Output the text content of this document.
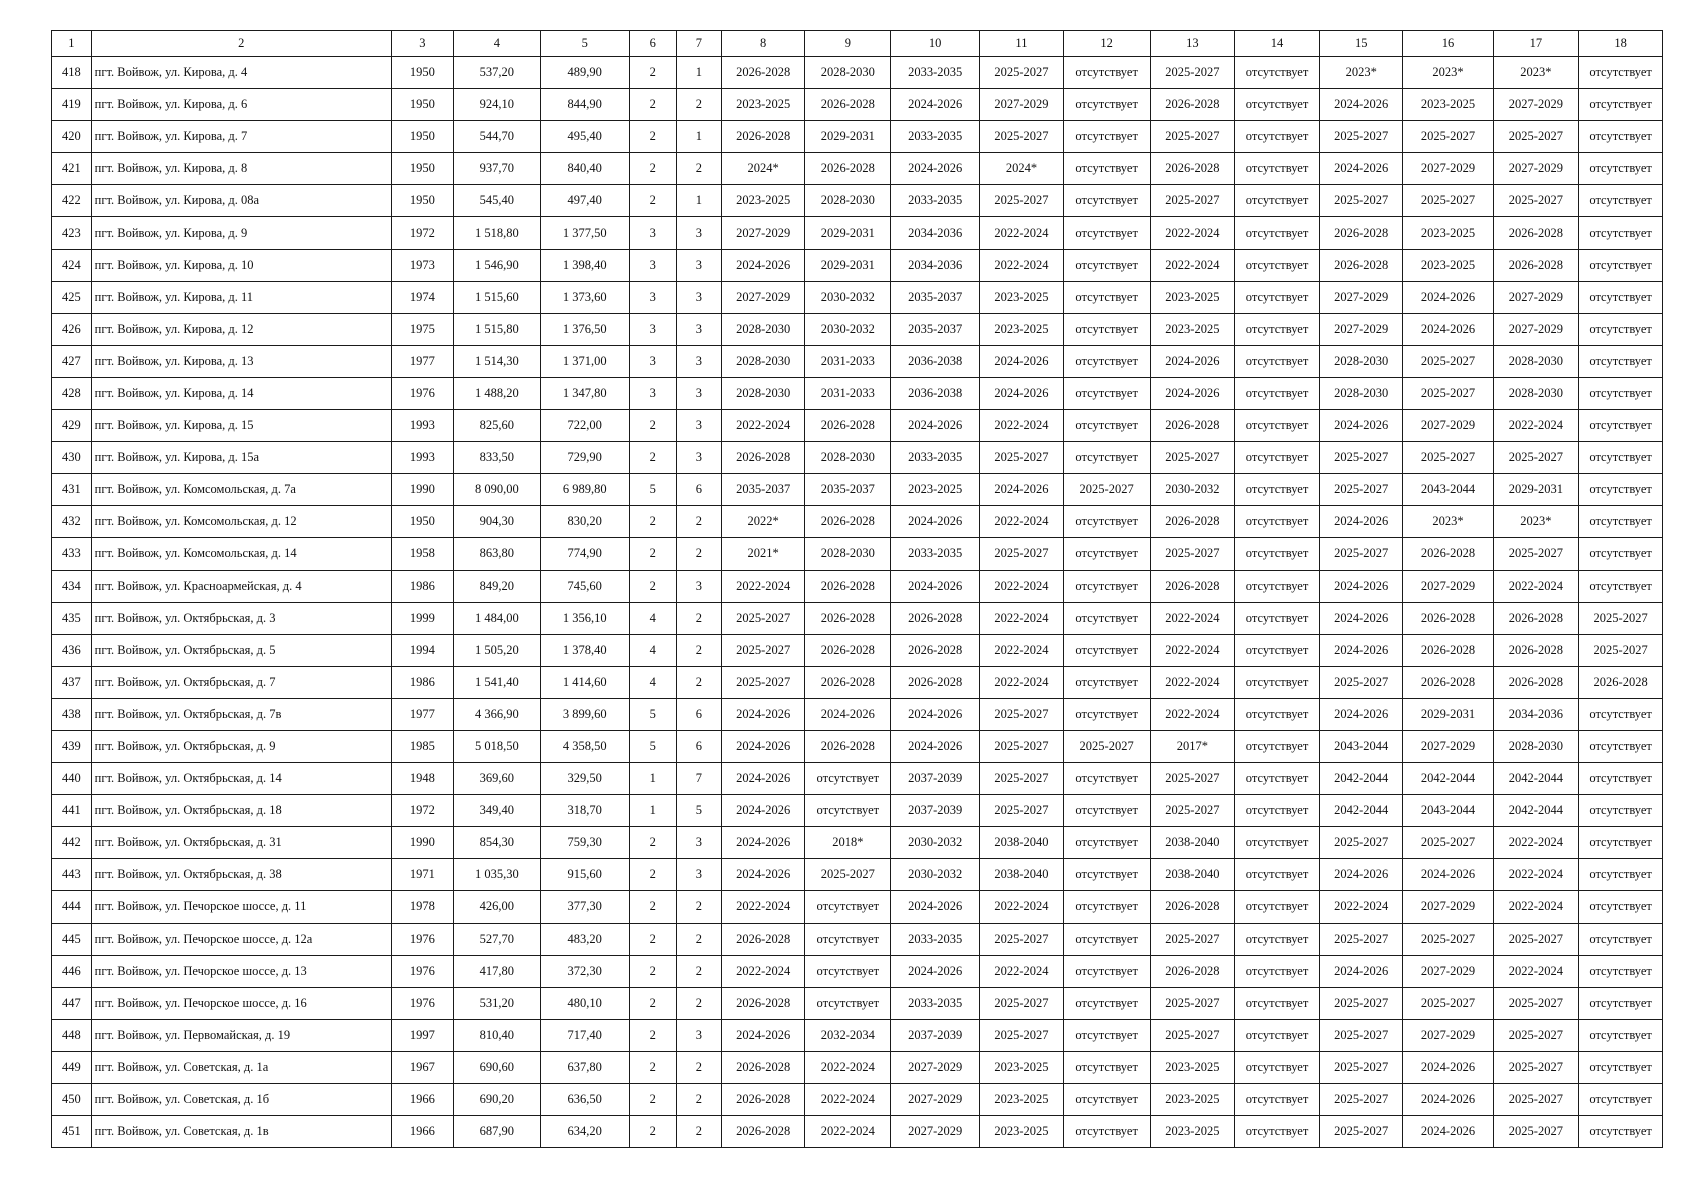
1	2	3	4	5	6	7	8	9	10	11	12	13	14	15	16	17	18
418	пгт. Войвож, ул. Кирова, д. 4	1950	537,20	489,90	2	1	2026-2028	2028-2030	2033-2035	2025-2027	отсутствует	2025-2027	отсутствует	2023*	2023*	2023*	отсутствует
419	пгт. Войвож, ул. Кирова, д. 6	1950	924,10	844,90	2	2	2023-2025	2026-2028	2024-2026	2027-2029	отсутствует	2026-2028	отсутствует	2024-2026	2023-2025	2027-2029	отсутствует
420	пгт. Войвож, ул. Кирова, д. 7	1950	544,70	495,40	2	1	2026-2028	2029-2031	2033-2035	2025-2027	отсутствует	2025-2027	отсутствует	2025-2027	2025-2027	2025-2027	отсутствует
421	пгт. Войвож, ул. Кирова, д. 8	1950	937,70	840,40	2	2	2024*	2026-2028	2024-2026	2024*	отсутствует	2026-2028	отсутствует	2024-2026	2027-2029	2027-2029	отсутствует
422	пгт. Войвож, ул. Кирова, д. 08а	1950	545,40	497,40	2	1	2023-2025	2028-2030	2033-2035	2025-2027	отсутствует	2025-2027	отсутствует	2025-2027	2025-2027	2025-2027	отсутствует
423	пгт. Войвож, ул. Кирова, д. 9	1972	1 518,80	1 377,50	3	3	2027-2029	2029-2031	2034-2036	2022-2024	отсутствует	2022-2024	отсутствует	2026-2028	2023-2025	2026-2028	отсутствует
424	пгт. Войвож, ул. Кирова, д. 10	1973	1 546,90	1 398,40	3	3	2024-2026	2029-2031	2034-2036	2022-2024	отсутствует	2022-2024	отсутствует	2026-2028	2023-2025	2026-2028	отсутствует
425	пгт. Войвож, ул. Кирова, д. 11	1974	1 515,60	1 373,60	3	3	2027-2029	2030-2032	2035-2037	2023-2025	отсутствует	2023-2025	отсутствует	2027-2029	2024-2026	2027-2029	отсутствует
426	пгт. Войвож, ул. Кирова, д. 12	1975	1 515,80	1 376,50	3	3	2028-2030	2030-2032	2035-2037	2023-2025	отсутствует	2023-2025	отсутствует	2027-2029	2024-2026	2027-2029	отсутствует
427	пгт. Войвож, ул. Кирова, д. 13	1977	1 514,30	1 371,00	3	3	2028-2030	2031-2033	2036-2038	2024-2026	отсутствует	2024-2026	отсутствует	2028-2030	2025-2027	2028-2030	отсутствует
428	пгт. Войвож, ул. Кирова, д. 14	1976	1 488,20	1 347,80	3	3	2028-2030	2031-2033	2036-2038	2024-2026	отсутствует	2024-2026	отсутствует	2028-2030	2025-2027	2028-2030	отсутствует
429	пгт. Войвож, ул. Кирова, д. 15	1993	825,60	722,00	2	3	2022-2024	2026-2028	2024-2026	2022-2024	отсутствует	2026-2028	отсутствует	2024-2026	2027-2029	2022-2024	отсутствует
430	пгт. Войвож, ул. Кирова, д. 15а	1993	833,50	729,90	2	3	2026-2028	2028-2030	2033-2035	2025-2027	отсутствует	2025-2027	отсутствует	2025-2027	2025-2027	2025-2027	отсутствует
431	пгт. Войвож, ул. Комсомольская, д. 7а	1990	8 090,00	6 989,80	5	6	2035-2037	2035-2037	2023-2025	2024-2026	2025-2027	2030-2032	отсутствует	2025-2027	2043-2044	2029-2031	отсутствует
432	пгт. Войвож, ул. Комсомольская, д. 12	1950	904,30	830,20	2	2	2022*	2026-2028	2024-2026	2022-2024	отсутствует	2026-2028	отсутствует	2024-2026	2023*	2023*	отсутствует
433	пгт. Войвож, ул. Комсомольская, д. 14	1958	863,80	774,90	2	2	2021*	2028-2030	2033-2035	2025-2027	отсутствует	2025-2027	отсутствует	2025-2027	2026-2028	2025-2027	отсутствует
434	пгт. Войвож, ул. Красноармейская, д. 4	1986	849,20	745,60	2	3	2022-2024	2026-2028	2024-2026	2022-2024	отсутствует	2026-2028	отсутствует	2024-2026	2027-2029	2022-2024	отсутствует
435	пгт. Войвож, ул. Октябрьская, д. 3	1999	1 484,00	1 356,10	4	2	2025-2027	2026-2028	2026-2028	2022-2024	отсутствует	2022-2024	отсутствует	2024-2026	2026-2028	2026-2028	2025-2027
436	пгт. Войвож, ул. Октябрьская, д. 5	1994	1 505,20	1 378,40	4	2	2025-2027	2026-2028	2026-2028	2022-2024	отсутствует	2022-2024	отсутствует	2024-2026	2026-2028	2026-2028	2025-2027
437	пгт. Войвож, ул. Октябрьская, д. 7	1986	1 541,40	1 414,60	4	2	2025-2027	2026-2028	2026-2028	2022-2024	отсутствует	2022-2024	отсутствует	2025-2027	2026-2028	2026-2028	2026-2028
438	пгт. Войвож, ул. Октябрьская, д. 7в	1977	4 366,90	3 899,60	5	6	2024-2026	2024-2026	2024-2026	2025-2027	отсутствует	2022-2024	отсутствует	2024-2026	2029-2031	2034-2036	отсутствует
439	пгт. Войвож, ул. Октябрьская, д. 9	1985	5 018,50	4 358,50	5	6	2024-2026	2026-2028	2024-2026	2025-2027	2025-2027	2017*	отсутствует	2043-2044	2027-2029	2028-2030	отсутствует
440	пгт. Войвож, ул. Октябрьская, д. 14	1948	369,60	329,50	1	7	2024-2026	отсутствует	2037-2039	2025-2027	отсутствует	2025-2027	отсутствует	2042-2044	2042-2044	2042-2044	отсутствует
441	пгт. Войвож, ул. Октябрьская, д. 18	1972	349,40	318,70	1	5	2024-2026	отсутствует	2037-2039	2025-2027	отсутствует	2025-2027	отсутствует	2042-2044	2043-2044	2042-2044	отсутствует
442	пгт. Войвож, ул. Октябрьская, д. 31	1990	854,30	759,30	2	3	2024-2026	2018*	2030-2032	2038-2040	отсутствует	2038-2040	отсутствует	2025-2027	2025-2027	2022-2024	отсутствует
443	пгт. Войвож, ул. Октябрьская, д. 38	1971	1 035,30	915,60	2	3	2024-2026	2025-2027	2030-2032	2038-2040	отсутствует	2038-2040	отсутствует	2024-2026	2024-2026	2022-2024	отсутствует
444	пгт. Войвож, ул. Печорское шоссе, д. 11	1978	426,00	377,30	2	2	2022-2024	отсутствует	2024-2026	2022-2024	отсутствует	2026-2028	отсутствует	2022-2024	2027-2029	2022-2024	отсутствует
445	пгт. Войвож, ул. Печорское шоссе, д. 12а	1976	527,70	483,20	2	2	2026-2028	отсутствует	2033-2035	2025-2027	отсутствует	2025-2027	отсутствует	2025-2027	2025-2027	2025-2027	отсутствует
446	пгт. Войвож, ул. Печорское шоссе, д. 13	1976	417,80	372,30	2	2	2022-2024	отсутствует	2024-2026	2022-2024	отсутствует	2026-2028	отсутствует	2024-2026	2027-2029	2022-2024	отсутствует
447	пгт. Войвож, ул. Печорское шоссе, д. 16	1976	531,20	480,10	2	2	2026-2028	отсутствует	2033-2035	2025-2027	отсутствует	2025-2027	отсутствует	2025-2027	2025-2027	2025-2027	отсутствует
448	пгт. Войвож, ул. Первомайская, д. 19	1997	810,40	717,40	2	3	2024-2026	2032-2034	2037-2039	2025-2027	отсутствует	2025-2027	отсутствует	2025-2027	2027-2029	2025-2027	отсутствует
449	пгт. Войвож, ул. Советская, д. 1а	1967	690,60	637,80	2	2	2026-2028	2022-2024	2027-2029	2023-2025	отсутствует	2023-2025	отсутствует	2025-2027	2024-2026	2025-2027	отсутствует
450	пгт. Войвож, ул. Советская, д. 1б	1966	690,20	636,50	2	2	2026-2028	2022-2024	2027-2029	2023-2025	отсутствует	2023-2025	отсутствует	2025-2027	2024-2026	2025-2027	отсутствует
451	пгт. Войвож, ул. Советская, д. 1в	1966	687,90	634,20	2	2	2026-2028	2022-2024	2027-2029	2023-2025	отсутствует	2023-2025	отсутствует	2025-2027	2024-2026	2025-2027	отсутствует
